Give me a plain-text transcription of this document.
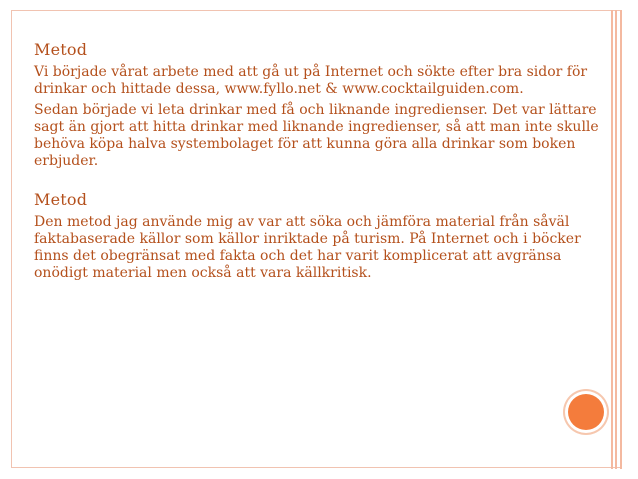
Metod

Vi började vårat arbete med att gå ut på Internet och sökte efter bra sidor för drinkar och hittade dessa, www.fyllo.net & www.cocktailguiden.com.

Sedan började vi leta drinkar med få och liknande ingredienser. Det var lättare sagt än gjort att hitta drinkar med liknande ingredienser, så att man inte skulle behöva köpa halva systembolaget för att kunna göra alla drinkar som boken erbjuder.

Metod

Den metod jag använde mig av var att söka och jämföra material från såväl faktabaserade källor som källor inriktade på turism. På Internet och i böcker finns det obegränsat med fakta och det har varit komplicerat att avgränsa onödigt material men också att vara källkritisk.
